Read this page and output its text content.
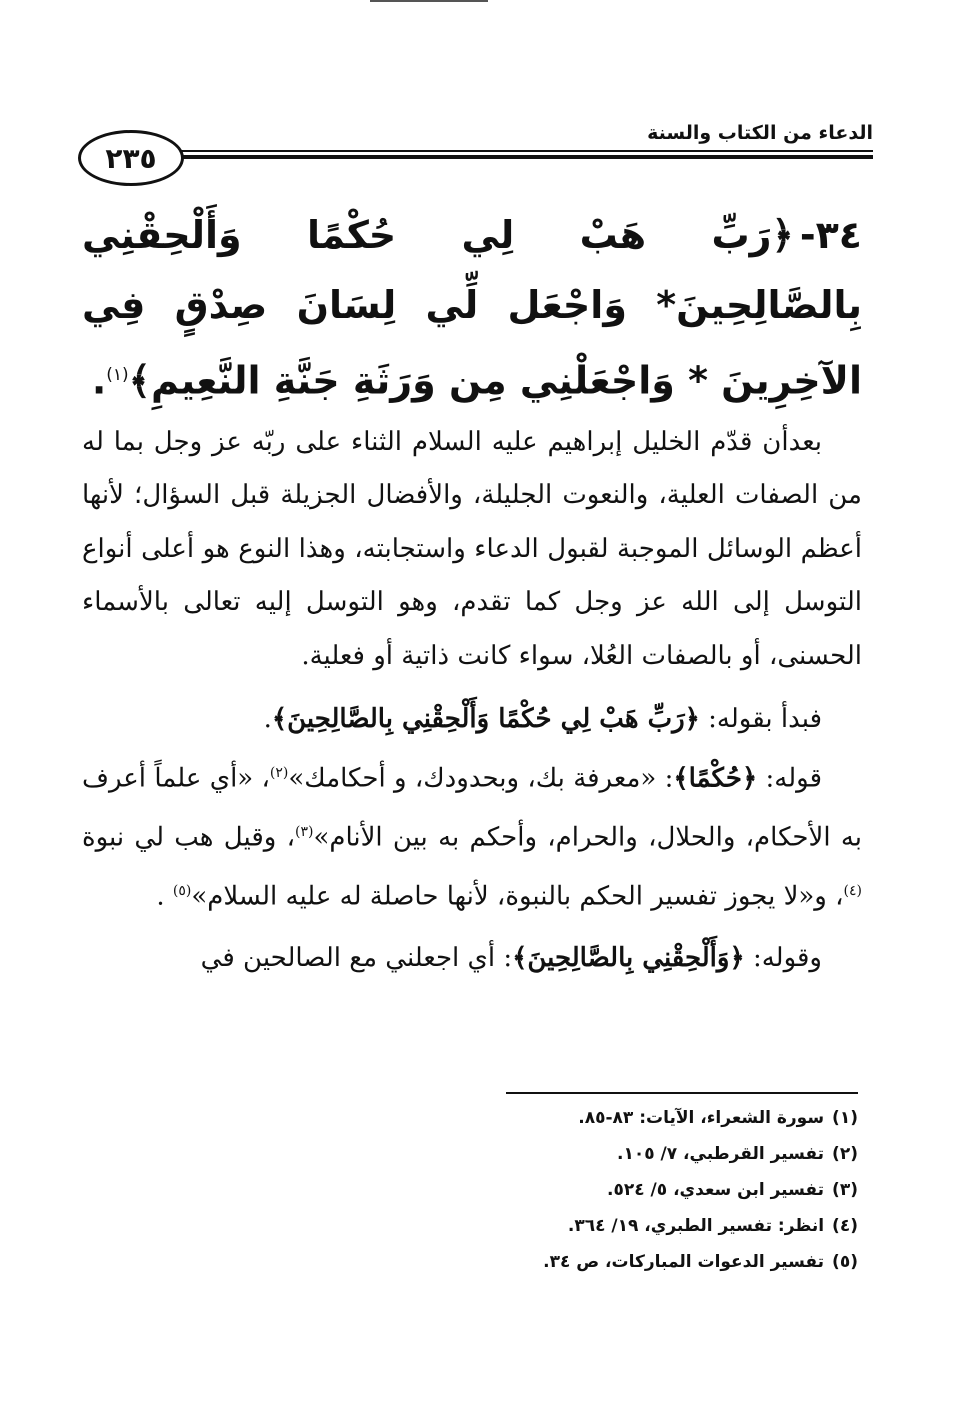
الدعاء من الكتاب والسنة
٢٣٥

٣٤-﴿رَبِّ هَبْ لِي حُكْمًا وَأَلْحِقْنِي بِالصَّالِحِينَ* وَاجْعَل لِّي لِسَانَ صِدْقٍ فِي الآخِرِينَ * وَاجْعَلْنِي مِن وَرَثَةِ جَنَّةِ النَّعِيمِ﴾$^{(١)}$.

بعدأن قدّم الخليل إبراهيم عليه السلام الثناء على ربّه عز وجل بما له من الصفات العلية، والنعوت الجليلة، والأفضال الجزيلة قبل السؤال؛ لأنها أعظم الوسائل الموجبة لقبول الدعاء واستجابته، وهذا النوع هو أعلى أنواع التوسل إلى الله عز وجل كما تقدم، وهو التوسل إليه تعالى بالأسماء الحسنى، أو بالصفات العُلا، سواء كانت ذاتية أو فعلية.

فبدأ بقوله: ﴿رَبِّ هَبْ لِي حُكْمًا وَأَلْحِقْنِي بِالصَّالِحِينَ﴾.

قوله: ﴿حُكْمًا﴾: «معرفة بك، وبحدودك، و أحكامك»$^{(٢)}$، «أي علماً أعرف به الأحكام، والحلال، والحرام، وأحكم به بين الأنام»$^{(٣)}$، وقيل هب لي نبوة $^{(٤)}$، و«لا يجوز تفسير الحكم بالنبوة، لأنها حاصلة له عليه السلام»$^{(٥)}$ .

وقوله: ﴿وَأَلْحِقْنِي بِالصَّالِحِينَ﴾: أي اجعلني مع الصالحين في

(١)سورة الشعراء، الآيات: ٨٣-٨٥.
(٢)تفسير القرطبي، ٧/ ١٠٥.
(٣)تفسير ابن سعدي، ٥/ ٥٢٤.
(٤)انظر: تفسير الطبري، ١٩/ ٣٦٤.
(٥)تفسير الدعوات المباركات، ص ٣٤.
